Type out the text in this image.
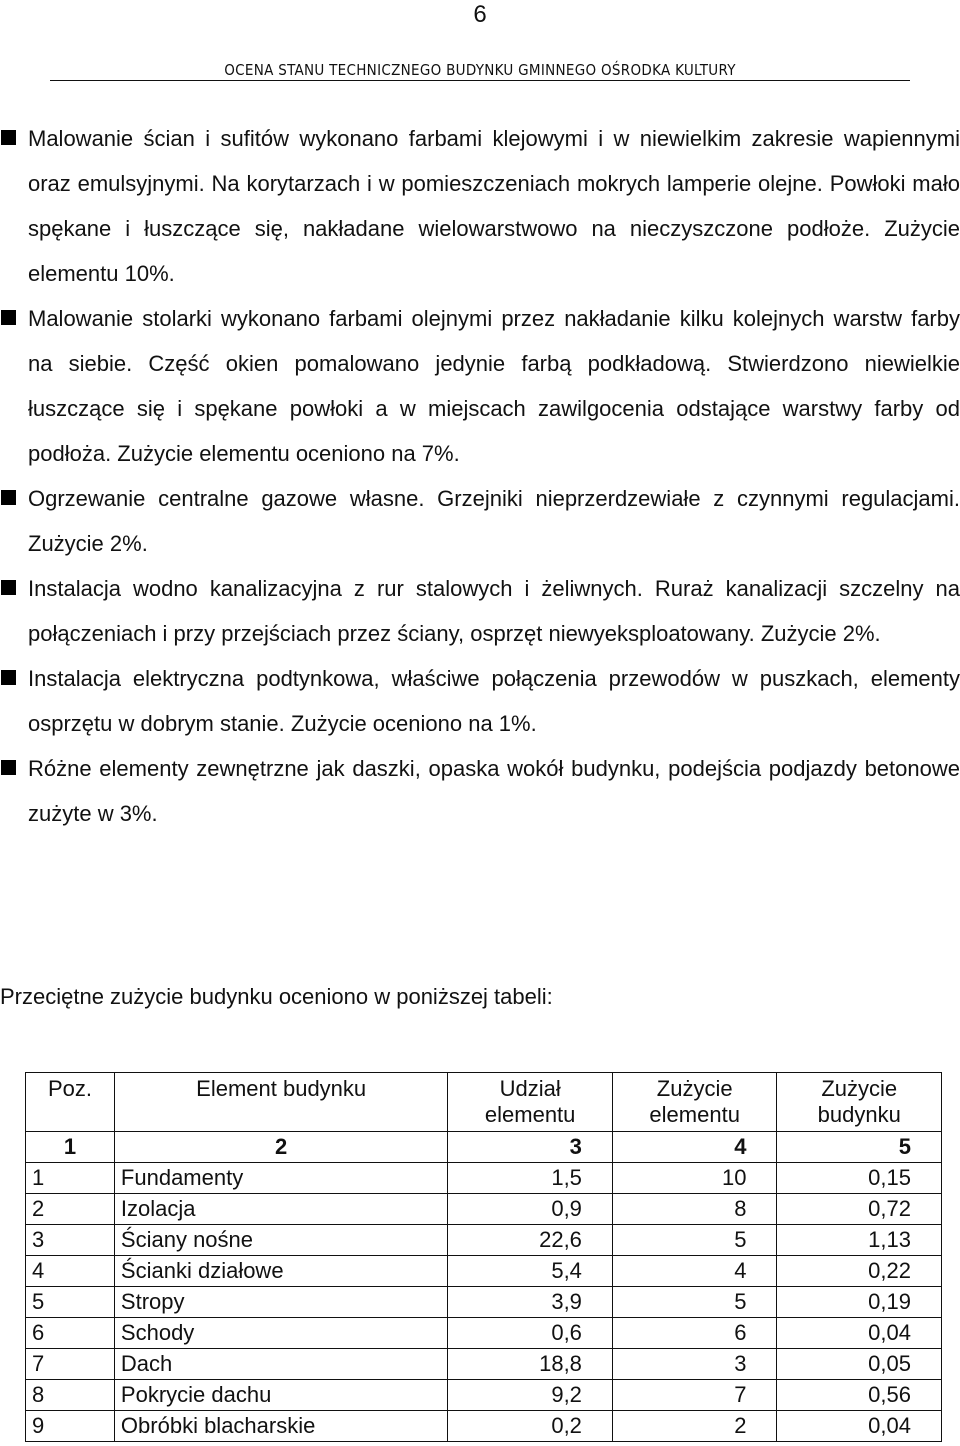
6
OCENA STANU TECHNICZNEGO BUDYNKU GMINNEGO OŚRODKA KULTURY
Malowanie ścian i sufitów wykonano farbami klejowymi i w niewielkim zakresie wapiennymi oraz emulsyjnymi. Na korytarzach i w pomieszczeniach mokrych lamperie olejne. Powłoki mało spękane i łuszczące się, nakładane wielowarstwowo na nieczyszczone podłoże. Zużycie elementu 10%.
Malowanie stolarki wykonano farbami olejnymi przez nakładanie kilku kolejnych warstw farby na siebie. Część okien pomalowano jedynie farbą podkładową. Stwierdzono niewielkie łuszczące się i spękane powłoki a w miejscach zawilgocenia odstające warstwy farby od podłoża. Zużycie elementu oceniono na 7%.
Ogrzewanie centralne gazowe własne. Grzejniki nieprzerdzewiałe z czynnymi regulacjami. Zużycie 2%.
Instalacja wodno kanalizacyjna z rur stalowych i żeliwnych. Ruraż kanalizacji szczelny na połączeniach i przy przejściach przez ściany, osprzęt niewyeksploatowany. Zużycie 2%.
Instalacja elektryczna podtynkowa, właściwe połączenia przewodów w puszkach, elementy osprzętu w dobrym stanie. Zużycie oceniono na 1%.
Różne elementy zewnętrzne jak daszki, opaska wokół budynku, podejścia podjazdy betonowe zużyte w 3%.
Przeciętne zużycie budynku oceniono w poniższej tabeli:
Poz.	Element budynku	Udział elementu	Zużycie elementu	Zużycie budynku
1	2	3	4	5
1	Fundamenty	1,5	10	0,15
2	Izolacja	0,9	8	0,72
3	Ściany nośne	22,6	5	1,13
4	Ścianki działowe	5,4	4	0,22
5	Stropy	3,9	5	0,19
6	Schody	0,6	6	0,04
7	Dach	18,8	3	0,05
8	Pokrycie dachu	9,2	7	0,56
9	Obróbki blacharskie	0,2	2	0,04
